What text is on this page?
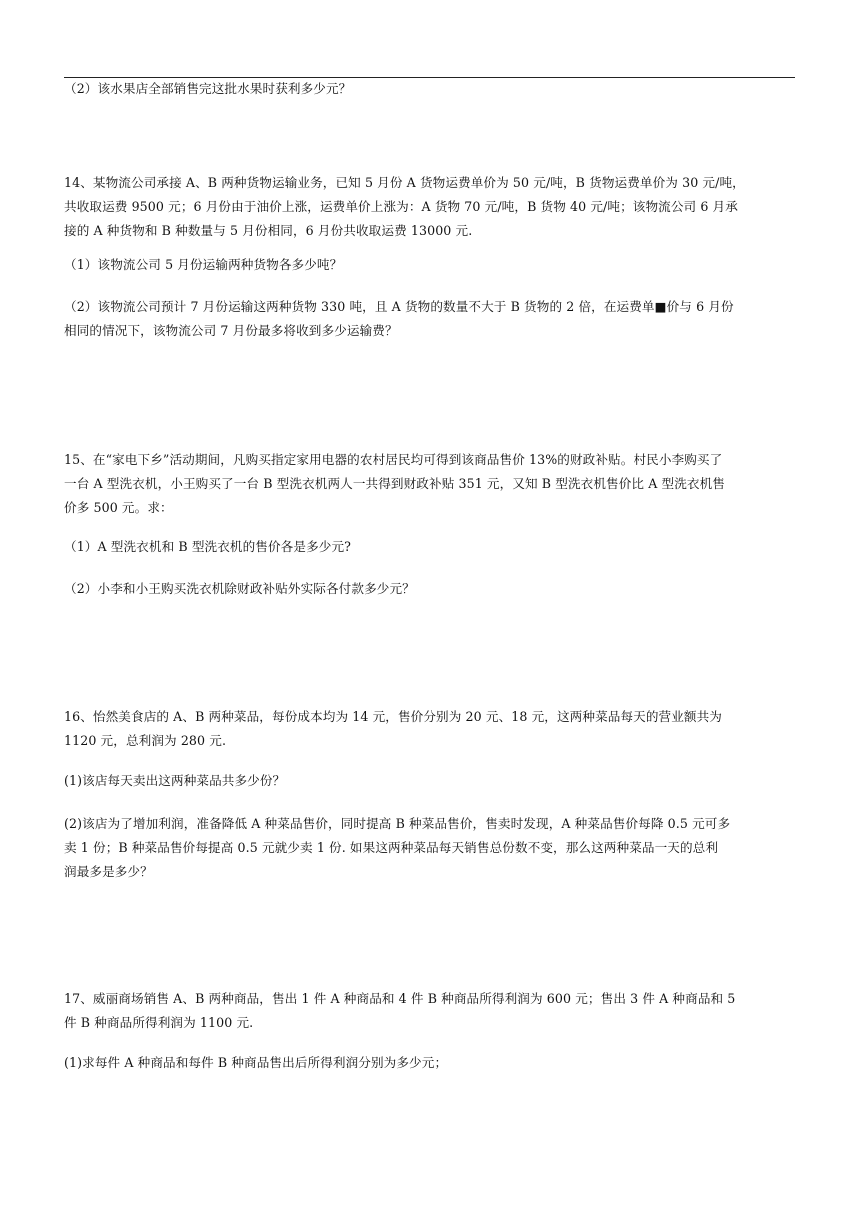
（2）该水果店全部销售完这批水果时获利多少元？
14、某物流公司承接 A、B 两种货物运输业务，已知 5 月份 A 货物运费单价为 50 元/吨，B 货物运费单价为 30 元/吨，
共收取运费 9500 元；6 月份由于油价上涨，运费单价上涨为：A 货物 70 元/吨，B 货物 40 元/吨；该物流公司 6 月承
接的 A 种货物和 B 种数量与 5 月份相同，6 月份共收取运费 13000 元.
（1）该物流公司 5 月份运输两种货物各多少吨？
（2）该物流公司预计 7 月份运输这两种货物 330 吨，且 A 货物的数量不大于 B 货物的 2 倍，在运费单■价与 6 月份
相同的情况下，该物流公司 7 月份最多将收到多少运输费？
15、在“家电下乡”活动期间，凡购买指定家用电器的农村居民均可得到该商品售价 13%的财政补贴。村民小李购买了
一台 A 型洗衣机，小王购买了一台 B 型洗衣机两人一共得到财政补贴 351 元，又知 B 型洗衣机售价比 A 型洗衣机售
价多 500 元。求：
（1）A 型洗衣机和 B 型洗衣机的售价各是多少元?
（2）小李和小王购买洗衣机除财政补贴外实际各付款多少元？
16、怡然美食店的 A、B 两种菜品，每份成本均为 14 元，售价分别为 20 元、18 元，这两种菜品每天的营业额共为
1120 元，总利润为 280 元.
(1)该店每天卖出这两种菜品共多少份？
(2)该店为了增加利润，准备降低 A 种菜品售价，同时提高 B 种菜品售价，售卖时发现，A 种菜品售价每降 0.5 元可多
卖 1 份；B 种菜品售价每提高 0.5 元就少卖 1 份. 如果这两种菜品每天销售总份数不变，那么这两种菜品一天的总利
润最多是多少？
17、威丽商场销售 A、B 两种商品，售出 1 件 A 种商品和 4 件 B 种商品所得利润为 600 元；售出 3 件 A 种商品和 5
件 B 种商品所得利润为 1100 元.
(1)求每件 A 种商品和每件 B 种商品售出后所得利润分别为多少元；
